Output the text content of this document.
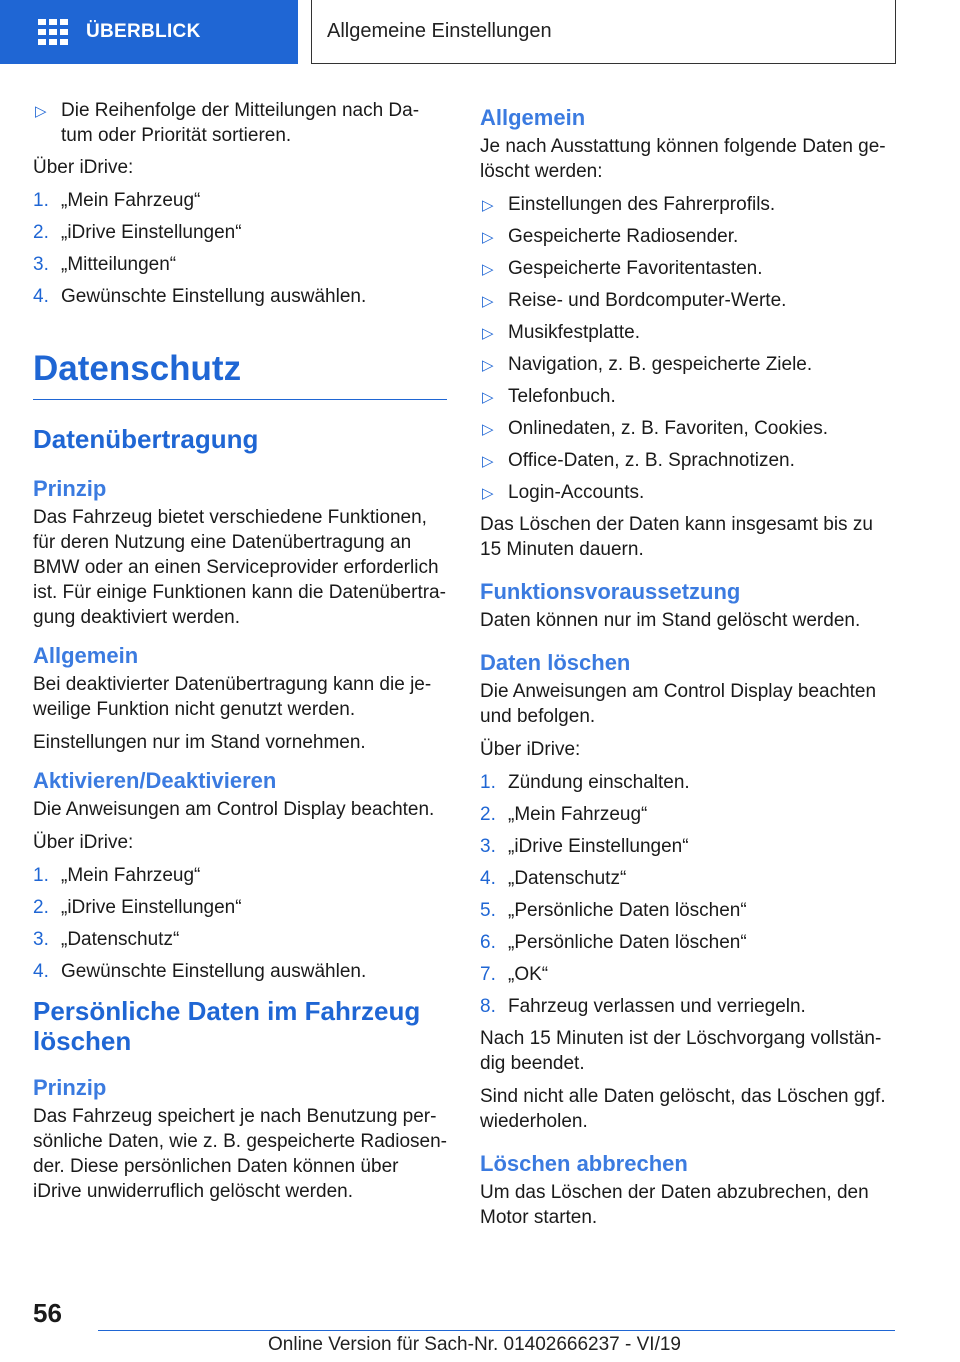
ÜBERBLICK	Allgemeine Einstellungen
▷ Die Reihenfolge der Mitteilungen nach Da-tum oder Priorität sortieren.

Über iDrive:

1. „Mein Fahrzeug“
2. „iDrive Einstellungen“
3. „Mitteilungen“
4. Gewünschte Einstellung auswählen.
Datenschutz
Datenübertragung
Prinzip

Das Fahrzeug bietet verschiedene Funktionen, für deren Nutzung eine Datenübertragung an BMW oder an einen Serviceprovider erforderlich ist. Für einige Funktionen kann die Datenübertra-gung deaktiviert werden.

Allgemein

Bei deaktivierter Datenübertragung kann die je-weilige Funktion nicht genutzt werden.

Einstellungen nur im Stand vornehmen.

Aktivieren/Deaktivieren

Die Anweisungen am Control Display beachten.

Über iDrive:

1. „Mein Fahrzeug“
2. „iDrive Einstellungen“
3. „Datenschutz“
4. Gewünschte Einstellung auswählen.
Persönliche Daten im Fahrzeug löschen
Prinzip

Das Fahrzeug speichert je nach Benutzung per-sönliche Daten, wie z. B. gespeicherte Radiosen-der. Diese persönlichen Daten können über iDrive unwiderruflich gelöscht werden.

Allgemein

Je nach Ausstattung können folgende Daten ge-löscht werden:

▷ Einstellungen des Fahrerprofils.
▷ Gespeicherte Radiosender.
▷ Gespeicherte Favoritentasten.
▷ Reise- und Bordcomputer-Werte.
▷ Musikfestplatte.
▷ Navigation, z. B. gespeicherte Ziele.
▷ Telefonbuch.
▷ Onlinedaten, z. B. Favoriten, Cookies.
▷ Office-Daten, z. B. Sprachnotizen.
▷ Login-Accounts.

Das Löschen der Daten kann insgesamt bis zu 15 Minuten dauern.

Funktionsvoraussetzung

Daten können nur im Stand gelöscht werden.

Daten löschen

Die Anweisungen am Control Display beachten und befolgen.

Über iDrive:

1. Zündung einschalten.
2. „Mein Fahrzeug“
3. „iDrive Einstellungen“
4. „Datenschutz“
5. „Persönliche Daten löschen“
6. „Persönliche Daten löschen“
7. „OK“
8. Fahrzeug verlassen und verriegeln.

Nach 15 Minuten ist der Löschvorgang vollstän-dig beendet.

Sind nicht alle Daten gelöscht, das Löschen ggf. wiederholen.

Löschen abbrechen

Um das Löschen der Daten abzubrechen, den Motor starten.

56
Online Version für Sach-Nr. 01402666237 - VI/19
